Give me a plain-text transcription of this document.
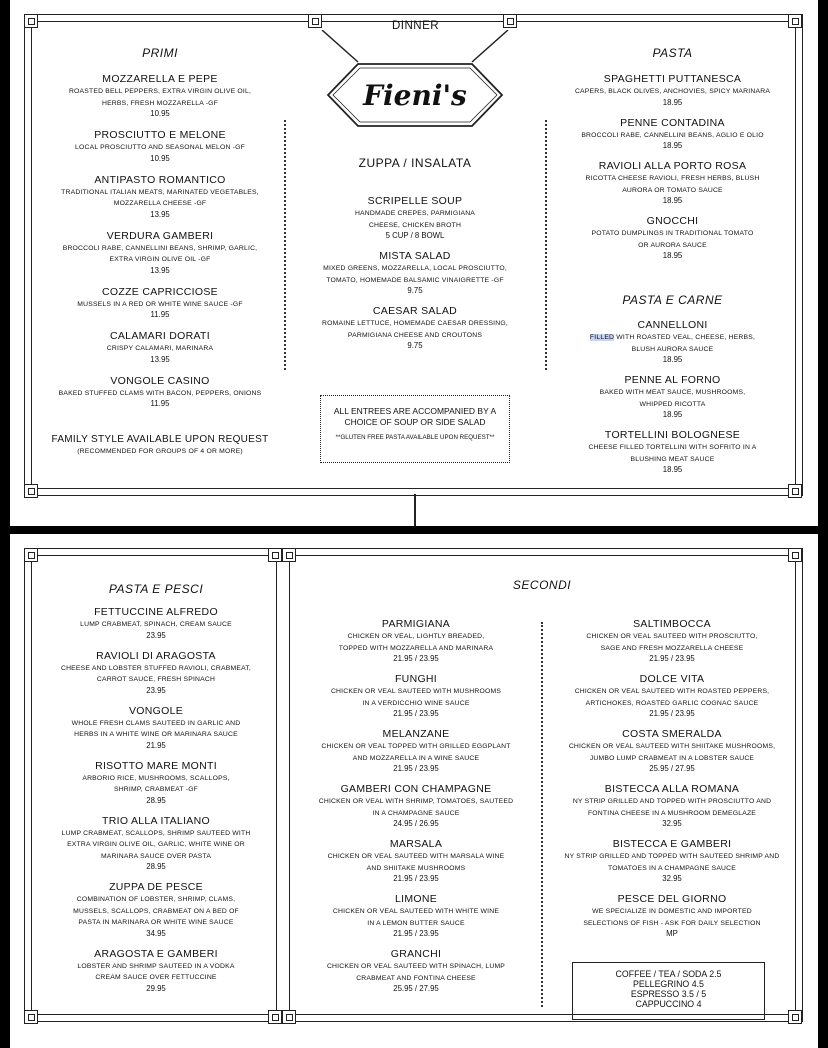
DINNER
Fieni's
PRIMI
MOZZARELLA E PEPE
ROASTED BELL PEPPERS, EXTRA VIRGIN OLIVE OIL,
HERBS, FRESH MOZZARELLA -GF
10.95
PROSCIUTTO E MELONE
LOCAL PROSCIUTTO AND SEASONAL MELON -GF
10.95
ANTIPASTO ROMANTICO
TRADITIONAL ITALIAN MEATS, MARINATED VEGETABLES,
MOZZARELLA CHEESE -GF
13.95
VERDURA GAMBERI
BROCCOLI RABE, CANNELLINI BEANS, SHRIMP, GARLIC,
EXTRA VIRGIN OLIVE OIL -GF
13.95
COZZE CAPRICCIOSE
MUSSELS IN A RED OR WHITE WINE SAUCE -GF
11.95
CALAMARI DORATI
CRISPY CALAMARI, MARINARA
13.95
VONGOLE CASINO
BAKED STUFFED CLAMS WITH BACON, PEPPERS, ONIONS
11.95
FAMILY STYLE AVAILABLE UPON REQUEST
(RECOMMENDED FOR GROUPS OF 4 OR MORE)
ZUPPA / INSALATA
SCRIPELLE SOUP
HANDMADE CREPES, PARMIGIANA
CHEESE, CHICKEN BROTH
5 CUP / 8 BOWL
MISTA SALAD
MIXED GREENS, MOZZARELLA, LOCAL PROSCIUTTO,
TOMATO, HOMEMADE BALSAMIC VINAIGRETTE -GF
9.75
CAESAR SALAD
ROMAINE LETTUCE, HOMEMADE CAESAR DRESSING,
PARMIGIANA CHEESE AND CROUTONS
9.75
ALL ENTREES ARE ACCOMPANIED BY A
CHOICE OF SOUP OR SIDE SALAD
**GLUTEN FREE PASTA AVAILABLE UPON REQUEST**
PASTA
SPAGHETTI PUTTANESCA
CAPERS, BLACK OLIVES, ANCHOVIES, SPICY MARINARA
18.95
PENNE CONTADINA
BROCCOLI RABE, CANNELLINI BEANS, AGLIO E OLIO
18.95
RAVIOLI ALLA PORTO ROSA
RICOTTA CHEESE RAVIOLI, FRESH HERBS, BLUSH
AURORA OR TOMATO SAUCE
18.95
GNOCCHI
POTATO DUMPLINGS IN TRADITIONAL TOMATO
OR AURORA SAUCE
18.95
PASTA E CARNE
CANNELLONI
FILLED WITH ROASTED VEAL, CHEESE, HERBS,
BLUSH AURORA SAUCE
18.95
PENNE AL FORNO
BAKED WITH MEAT SAUCE, MUSHROOMS,
WHIPPED RICOTTA
18.95
TORTELLINI BOLOGNESE
CHEESE FILLED TORTELLINI WITH SOFRITO IN A
BLUSHING MEAT SAUCE
18.95
PASTA E PESCI
FETTUCCINE ALFREDO
LUMP CRABMEAT, SPINACH, CREAM SAUCE
23.95
RAVIOLI DI ARAGOSTA
CHEESE AND LOBSTER STUFFED RAVIOLI, CRABMEAT,
CARROT SAUCE, FRESH SPINACH
23.95
VONGOLE
WHOLE FRESH CLAMS SAUTEED IN GARLIC AND
HERBS IN A WHITE WINE OR MARINARA SAUCE
21.95
RISOTTO MARE MONTI
ARBORIO RICE, MUSHROOMS, SCALLOPS,
SHRIMP, CRABMEAT -GF
28.95
TRIO ALLA ITALIANO
LUMP CRABMEAT, SCALLOPS, SHRIMP SAUTEED WITH
EXTRA VIRGIN OLIVE OIL, GARLIC, WHITE WINE OR
MARINARA SAUCE OVER PASTA
28.95
ZUPPA DE PESCE
COMBINATION OF LOBSTER, SHRIMP, CLAMS,
MUSSELS, SCALLOPS, CRABMEAT ON A BED OF
PASTA IN MARINARA OR WHITE WINE SAUCE
34.95
ARAGOSTA E GAMBERI
LOBSTER AND SHRIMP SAUTEED IN A VODKA
CREAM SAUCE OVER FETTUCCINE
29.95
SECONDI
PARMIGIANA
CHICKEN OR VEAL, LIGHTLY BREADED,
TOPPED WITH MOZZARELLA AND MARINARA
21.95 / 23.95
FUNGHI
CHICKEN OR VEAL SAUTEED WITH MUSHROOMS
IN A VERDICCHIO WINE SAUCE
21.95 / 23.95
MELANZANE
CHICKEN OR VEAL TOPPED WITH GRILLED EGGPLANT
AND MOZZARELLA IN A WINE SAUCE
21.95 / 23.95
GAMBERI CON CHAMPAGNE
CHICKEN OR VEAL WITH SHRIMP, TOMATOES, SAUTEED
IN A CHAMPAGNE SAUCE
24.95 / 26.95
MARSALA
CHICKEN OR VEAL SAUTEED WITH MARSALA WINE
AND SHIITAKE MUSHROOMS
21.95 / 23.95
LIMONE
CHICKEN OR VEAL SAUTEED WITH WHITE WINE
IN A LEMON BUTTER SAUCE
21.95 / 23.95
GRANCHI
CHICKEN OR VEAL SAUTEED WITH SPINACH, LUMP
CRABMEAT AND FONTINA CHEESE
25.95 / 27.95
SALTIMBOCCA
CHICKEN OR VEAL SAUTEED WITH PROSCIUTTO,
SAGE AND FRESH MOZZARELLA CHEESE
21.95 / 23.95
DOLCE VITA
CHICKEN OR VEAL SAUTEED WITH ROASTED PEPPERS,
ARTICHOKES, ROASTED GARLIC COGNAC SAUCE
21.95 / 23.95
COSTA SMERALDA
CHICKEN OR VEAL SAUTEED WITH SHIITAKE MUSHROOMS,
JUMBO LUMP CRABMEAT IN A LOBSTER SAUCE
25.95 / 27.95
BISTECCA ALLA ROMANA
NY STRIP GRILLED AND TOPPED WITH PROSCIUTTO AND
FONTINA CHEESE IN A MUSHROOM DEMEGLAZE
32.95
BISTECCA E GAMBERI
NY STRIP GRILLED AND TOPPED WITH SAUTEED SHRIMP AND
TOMATOES IN A CHAMPAGNE SAUCE
32.95
PESCE DEL GIORNO
WE SPECIALIZE IN DOMESTIC AND IMPORTED
SELECTIONS OF FISH - ASK FOR DAILY SELECTION
MP
COFFEE / TEA / SODA 2.5
PELLEGRINO 4.5
ESPRESSO 3.5 / 5
CAPPUCCINO 4
